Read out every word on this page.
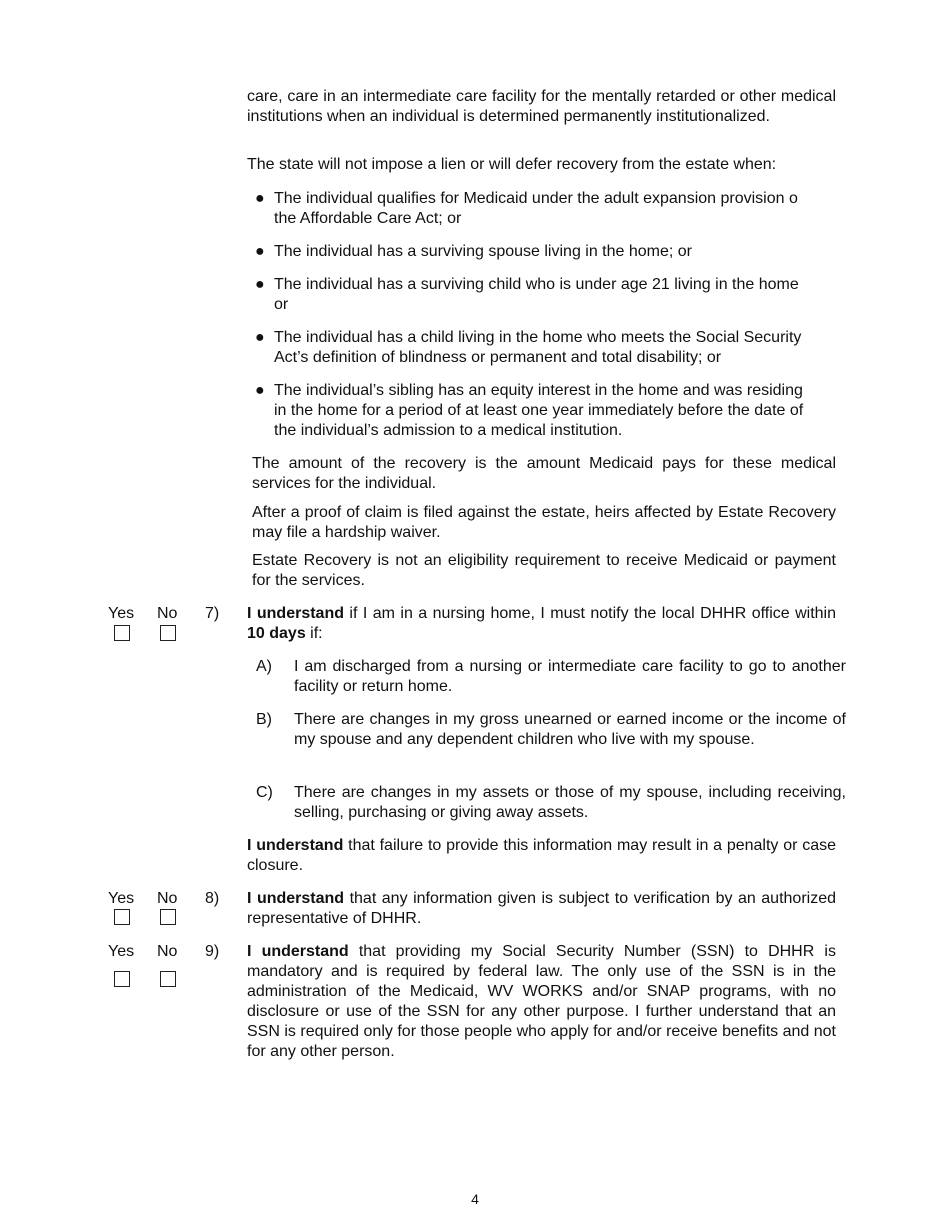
care, care in an intermediate care facility for the mentally retarded or other medical institutions when an individual is determined permanently institutionalized.
The state will not impose a lien or will defer recovery from the estate when:
● The individual qualifies for Medicaid under the adult expansion provision o
the Affordable Care Act; or
● The individual has a surviving spouse living in the home; or
● The individual has a surviving child who is under age 21 living in the home
or
● The individual has a child living in the home who meets the Social Security
Act’s definition of blindness or permanent and total disability; or
● The individual’s sibling has an equity interest in the home and was residing
in the home for a period of at least one year immediately before the date of
the individual’s admission to a medical institution.
The amount of the recovery is the amount Medicaid pays for these medical services for the individual.
After a proof of claim is filed against the estate, heirs affected by Estate Recovery may file a hardship waiver.
Estate Recovery is not an eligibility requirement to receive Medicaid or payment for the services.
Yes No 7) I understand if I am in a nursing home, I must notify the local DHHR office within 10 days if:
A) I am discharged from a nursing or intermediate care facility to go to another facility or return home.
B) There are changes in my gross unearned or earned income or the income of my spouse and any dependent children who live with my spouse.
C) There are changes in my assets or those of my spouse, including receiving, selling, purchasing or giving away assets.
I understand that failure to provide this information may result in a penalty or case closure.
Yes No 8) I understand that any information given is subject to verification by an authorized representative of DHHR.
Yes No 9) I understand that providing my Social Security Number (SSN) to DHHR is mandatory and is required by federal law. The only use of the SSN is in the administration of the Medicaid, WV WORKS and/or SNAP programs, with no disclosure or use of the SSN for any other purpose. I further understand that an SSN is required only for those people who apply for and/or receive benefits and not for any other person.
4
